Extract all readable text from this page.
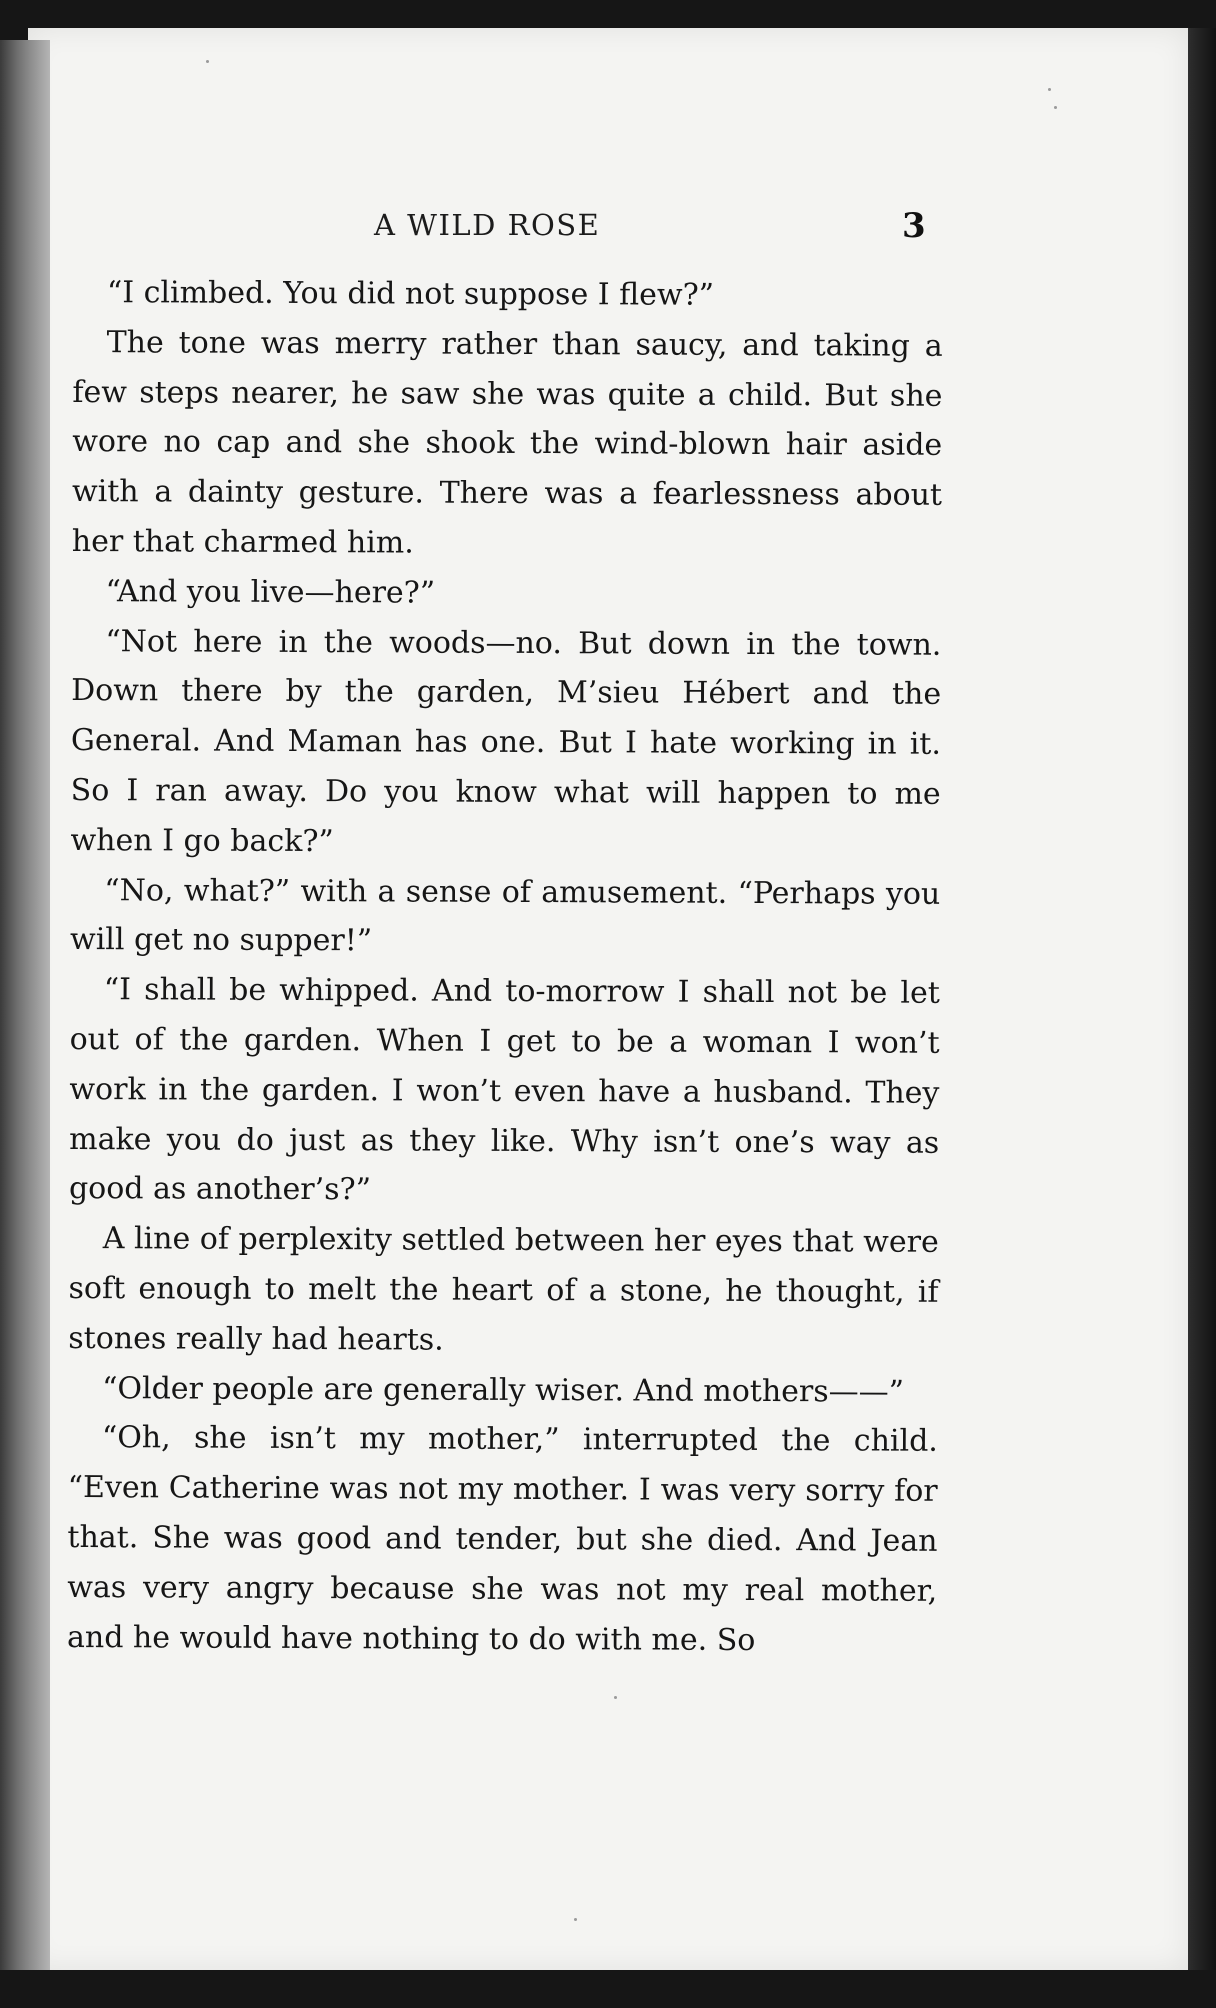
A WILD ROSE	3

“I climbed. You did not suppose I flew?”

The tone was merry rather than saucy, and taking a few steps nearer, he saw she was quite a child. But she wore no cap and she shook the wind-blown hair aside with a dainty gesture. There was a fearlessness about her that charmed him.

“And you live—here?”

“Not here in the woods—no. But down in the town. Down there by the garden, M’sieu Hébert and the General. And Maman has one. But I hate working in it. So I ran away. Do you know what will happen to me when I go back?”

“No, what?” with a sense of amusement. “Perhaps you will get no supper!”

“I shall be whipped. And to-morrow I shall not be let out of the garden. When I get to be a woman I won’t work in the garden. I won’t even have a husband. They make you do just as they like. Why isn’t one’s way as good as another’s?”

A line of perplexity settled between her eyes that were soft enough to melt the heart of a stone, he thought, if stones really had hearts.

“Older people are generally wiser. And mothers——”

“Oh, she isn’t my mother,” interrupted the child. “Even Catherine was not my mother. I was very sorry for that. She was good and tender, but she died. And Jean was very angry because she was not my real mother, and he would have nothing to do with me. So
